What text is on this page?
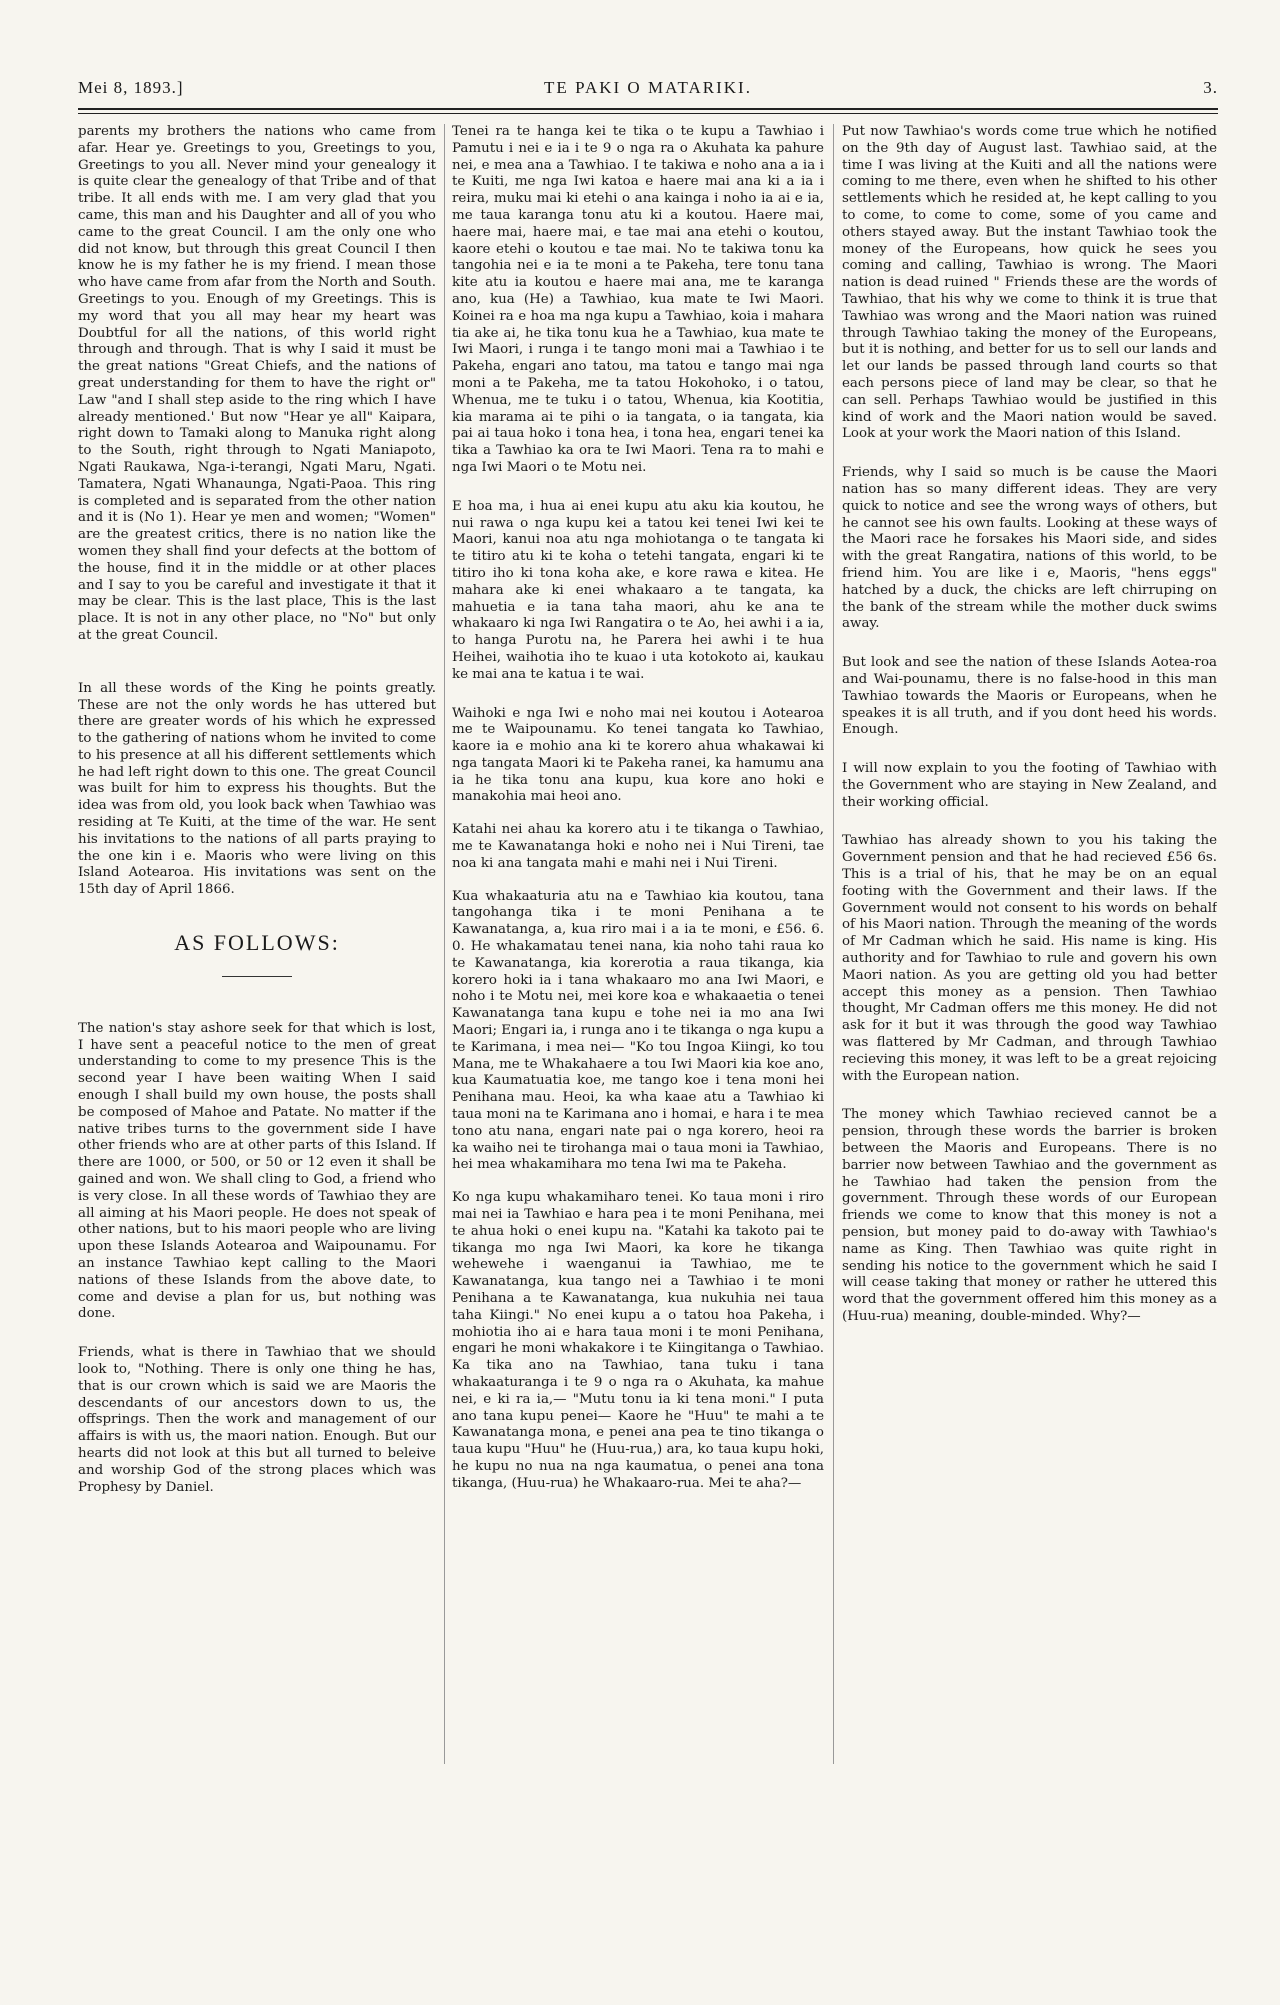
Mei 8, 1893.]	TE PAKI O MATARIKI.	3.

parents my brothers the nations who came from afar. Hear ye. Greetings to you, Greetings to you, Greetings to you all. Never mind your genealogy it is quite clear the genealogy of that Tribe and of that tribe. It all ends with me. I am very glad that you came, this man and his Daughter and all of you who came to the great Council. I am the only one who did not know, but through this great Council I then know he is my father he is my friend. I mean those who have came from afar from the North and South. Greetings to you. Enough of my Greetings. This is my word that you all may hear my heart was Doubtful for all the nations, of this world right through and through. That is why I said it must be the great nations "Great Chiefs, and the nations of great understanding for them to have the right or" Law "and I shall step aside to the ring which I have already mentioned.' But now "Hear ye all" Kaipara, right down to Tamaki along to Manuka right along to the South, right through to Ngati Maniapoto, Ngati Raukawa, Nga-i-terangi, Ngati Maru, Ngati. Tamatera, Ngati Whanaunga, Ngati-Paoa. This ring is completed and is separated from the other nation and it is (No 1). Hear ye men and women; "Women" are the greatest critics, there is no nation like the women they shall find your defects at the bottom of the house, find it in the middle or at other places and I say to you be careful and investigate it that it may be clear. This is the last place, This is the last place. It is not in any other place, no "No" but only at the great Council.

In all these words of the King he points greatly. These are not the only words he has uttered but there are greater words of his which he expressed to the gathering of nations whom he invited to come to his presence at all his different settlements which he had left right down to this one. The great Council was built for him to express his thoughts. But the idea was from old, you look back when Tawhiao was residing at Te Kuiti, at the time of the war. He sent his invitations to the nations of all parts praying to the one kin i e. Maoris who were living on this Island Aotearoa. His invitations was sent on the 15th day of April 1866.

AS FOLLOWS:

The nation's stay ashore seek for that which is lost, I have sent a peaceful notice to the men of great understanding to come to my presence This is the second year I have been waiting When I said enough I shall build my own house, the posts shall be composed of Mahoe and Patate. No matter if the native tribes turns to the government side I have other friends who are at other parts of this Island. If there are 1000, or 500, or 50 or 12 even it shall be gained and won. We shall cling to God, a friend who is very close. In all these words of Tawhiao they are all aiming at his Maori people. He does not speak of other nations, but to his maori people who are living upon these Islands Aotearoa and Waipounamu. For an instance Tawhiao kept calling to the Maori nations of these Islands from the above date, to come and devise a plan for us, but nothing was done.

Friends, what is there in Tawhiao that we should look to, "Nothing. There is only one thing he has, that is our crown which is said we are Maoris the descendants of our ancestors down to us, the offsprings. Then the work and management of our affairs is with us, the maori nation. Enough. But our hearts did not look at this but all turned to beleive and worship God of the strong places which was Prophesy by Daniel.

Tenei ra te hanga kei te tika o te kupu a Tawhiao i Pamutu i nei e ia i te 9 o nga ra o Akuhata ka pahure nei, e mea ana a Tawhiao. I te takiwa e noho ana a ia i te Kuiti, me nga Iwi katoa e haere mai ana ki a ia i reira, muku mai ki etehi o ana kainga i noho ia ai e ia, me taua karanga tonu atu ki a koutou. Haere mai, haere mai, haere mai, e tae mai ana etehi o koutou, kaore etehi o koutou e tae mai. No te takiwa tonu ka tangohia nei e ia te moni a te Pakeha, tere tonu tana kite atu ia koutou e haere mai ana, me te karanga ano, kua (He) a Tawhiao, kua mate te Iwi Maori. Koinei ra e hoa ma nga kupu a Tawhiao, koia i mahara tia ake ai, he tika tonu kua he a Tawhiao, kua mate te Iwi Maori, i runga i te tango moni mai a Tawhiao i te Pakeha, engari ano tatou, ma tatou e tango mai nga moni a te Pakeha, me ta tatou Hokohoko, i o tatou, Whenua, me te tuku i o tatou, Whenua, kia Kootitia, kia marama ai te pihi o ia tangata, o ia tangata, kia pai ai taua hoko i tona hea, i tona hea, engari tenei ka tika a Tawhiao ka ora te Iwi Maori. Tena ra to mahi e nga Iwi Maori o te Motu nei.

E hoa ma, i hua ai enei kupu atu aku kia koutou, he nui rawa o nga kupu kei a tatou kei tenei Iwi kei te Maori, kanui noa atu nga mohiotanga o te tangata ki te titiro atu ki te koha o tetehi tangata, engari ki te titiro iho ki tona koha ake, e kore rawa e kitea. He mahara ake ki enei whakaaro a te tangata, ka mahuetia e ia tana taha maori, ahu ke ana te whakaaro ki nga Iwi Rangatira o te Ao, hei awhi i a ia, to hanga Purotu na, he Parera hei awhi i te hua Heihei, waihotia iho te kuao i uta kotokoto ai, kaukau ke mai ana te katua i te wai.

Waihoki e nga Iwi e noho mai nei koutou i Aotearoa me te Waipounamu. Ko tenei tangata ko Tawhiao, kaore ia e mohio ana ki te korero ahua whakawai ki nga tangata Maori ki te Pakeha ranei, ka hamumu ana ia he tika tonu ana kupu, kua kore ano hoki e manakohia mai heoi ano.

Katahi nei ahau ka korero atu i te tikanga o Tawhiao, me te Kawanatanga hoki e noho nei i Nui Tireni, tae noa ki ana tangata mahi e mahi nei i Nui Tireni.

Kua whakaaturia atu na e Tawhiao kia koutou, tana tangohanga tika i te moni Penihana a te Kawanatanga, a, kua riro mai i a ia te moni, e £56. 6. 0. He whakamatau tenei nana, kia noho tahi raua ko te Kawanatanga, kia korerotia a raua tikanga, kia korero hoki ia i tana whakaaro mo ana Iwi Maori, e noho i te Motu nei, mei kore koa e whakaaetia o tenei Kawanatanga tana kupu e tohe nei ia mo ana Iwi Maori; Engari ia, i runga ano i te tikanga o nga kupu a te Karimana, i mea nei— "Ko tou Ingoa Kiingi, ko tou Mana, me te Whakahaere a tou Iwi Maori kia koe ano, kua Kaumatuatia koe, me tango koe i tena moni hei Penihana mau. Heoi, ka wha kaae atu a Tawhiao ki taua moni na te Karimana ano i homai, e hara i te mea tono atu nana, engari nate pai o nga korero, heoi ra ka waiho nei te tirohanga mai o taua moni ia Tawhiao, hei mea whakamihara mo tena Iwi ma te Pakeha.

Ko nga kupu whakamiharo tenei. Ko taua moni i riro mai nei ia Tawhiao e hara pea i te moni Penihana, mei te ahua hoki o enei kupu na. "Katahi ka takoto pai te tikanga mo nga Iwi Maori, ka kore he tikanga wehewehe i waenganui ia Tawhiao, me te Kawanatanga, kua tango nei a Tawhiao i te moni Penihana a te Kawanatanga, kua nukuhia nei taua taha Kiingi." No enei kupu a o tatou hoa Pakeha, i mohiotia iho ai e hara taua moni i te moni Penihana, engari he moni whakakore i te Kiingitanga o Tawhiao. Ka tika ano na Tawhiao, tana tuku i tana whakaaturanga i te 9 o nga ra o Akuhata, ka mahue nei, e ki ra ia,— "Mutu tonu ia ki tena moni." I puta ano tana kupu penei— Kaore he "Huu" te mahi a te Kawanatanga mona, e penei ana pea te tino tikanga o taua kupu "Huu" he (Huu-rua,) ara, ko taua kupu hoki, he kupu no nua na nga kaumatua, o penei ana tona tikanga, (Huu-rua) he Whakaaro-rua. Mei te aha?—

Put now Tawhiao's words come true which he notified on the 9th day of August last. Tawhiao said, at the time I was living at the Kuiti and all the nations were coming to me there, even when he shifted to his other settlements which he resided at, he kept calling to you to come, to come to come, some of you came and others stayed away. But the instant Tawhiao took the money of the Europeans, how quick he sees you coming and calling, Tawhiao is wrong. The Maori nation is dead ruined " Friends these are the words of Tawhiao, that his why we come to think it is true that Tawhiao was wrong and the Maori nation was ruined through Tawhiao taking the money of the Europeans, but it is nothing, and better for us to sell our lands and let our lands be passed through land courts so that each persons piece of land may be clear, so that he can sell. Perhaps Tawhiao would be justified in this kind of work and the Maori nation would be saved. Look at your work the Maori nation of this Island.

Friends, why I said so much is be cause the Maori nation has so many different ideas. They are very quick to notice and see the wrong ways of others, but he cannot see his own faults. Looking at these ways of the Maori race he forsakes his Maori side, and sides with the great Rangatira, nations of this world, to be friend him. You are like i e, Maoris, "hens eggs" hatched by a duck, the chicks are left chirruping on the bank of the stream while the mother duck swims away.

But look and see the nation of these Islands Aotea-roa and Wai-pounamu, there is no false-hood in this man Tawhiao towards the Maoris or Europeans, when he speakes it is all truth, and if you dont heed his words. Enough.

I will now explain to you the footing of Tawhiao with the Government who are staying in New Zealand, and their working official.

Tawhiao has already shown to you his taking the Government pension and that he had recieved £56 6s. This is a trial of his, that he may be on an equal footing with the Government and their laws. If the Government would not consent to his words on behalf of his Maori nation. Through the meaning of the words of Mr Cadman which he said. His name is king. His authority and for Tawhiao to rule and govern his own Maori nation. As you are getting old you had better accept this money as a pension. Then Tawhiao thought, Mr Cadman offers me this money. He did not ask for it but it was through the good way Tawhiao was flattered by Mr Cadman, and through Tawhiao recieving this money, it was left to be a great rejoicing with the European nation.

The money which Tawhiao recieved cannot be a pension, through these words the barrier is broken between the Maoris and Europeans. There is no barrier now between Tawhiao and the government as he Tawhiao had taken the pension from the government. Through these words of our European friends we come to know that this money is not a pension, but money paid to do-away with Tawhiao's name as King. Then Tawhiao was quite right in sending his notice to the government which he said I will cease taking that money or rather he uttered this word that the government offered him this money as a (Huu-rua) meaning, double-minded. Why?—
